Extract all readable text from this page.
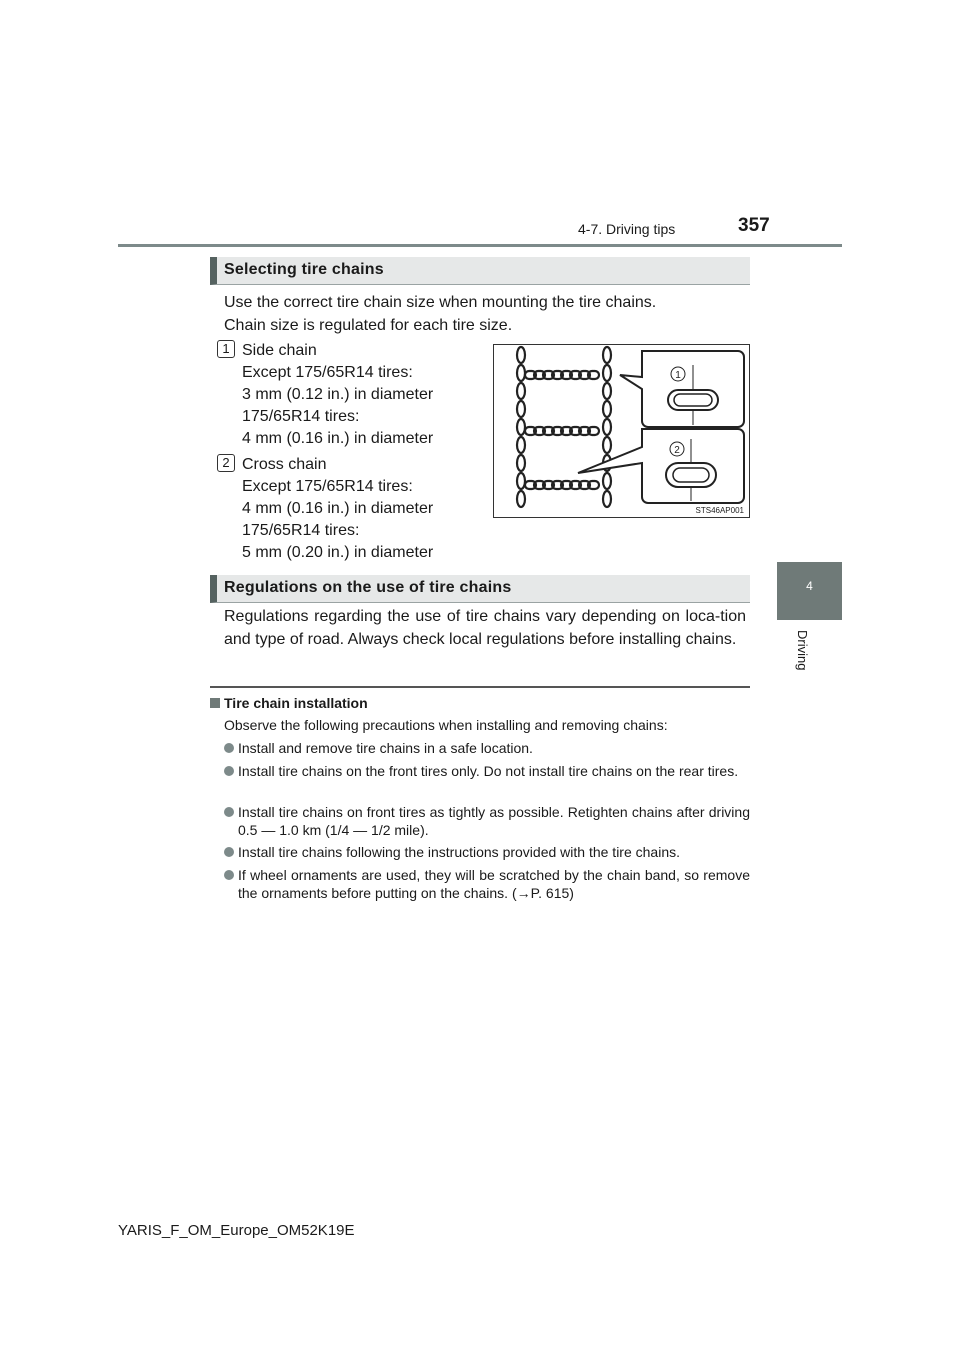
4-7. Driving tips	357
4
Driving
Selecting tire chains
Use the correct tire chain size when mounting the tire chains.
Chain size is regulated for each tire size.
1 Side chain
Except 175/65R14 tires:
3 mm (0.12 in.) in diameter
175/65R14 tires:
4 mm (0.16 in.) in diameter
2 Cross chain
Except 175/65R14 tires:
4 mm (0.16 in.) in diameter
175/65R14 tires:
5 mm (0.20 in.) in diameter
1
2
STS46AP001
Regulations on the use of tire chains
Regulations regarding the use of tire chains vary depending on loca-tion and type of road. Always check local regulations before installing chains.
Tire chain installation
Observe the following precautions when installing and removing chains:
Install and remove tire chains in a safe location.
Install tire chains on the front tires only. Do not install tire chains on the rear tires.
Install tire chains on front tires as tightly as possible. Retighten chains after driving 0.5 — 1.0 km (1/4 — 1/2 mile).
Install tire chains following the instructions provided with the tire chains.
If wheel ornaments are used, they will be scratched by the chain band, so remove the ornaments before putting on the chains. (→P. 615)
YARIS_F_OM_Europe_OM52K19E
